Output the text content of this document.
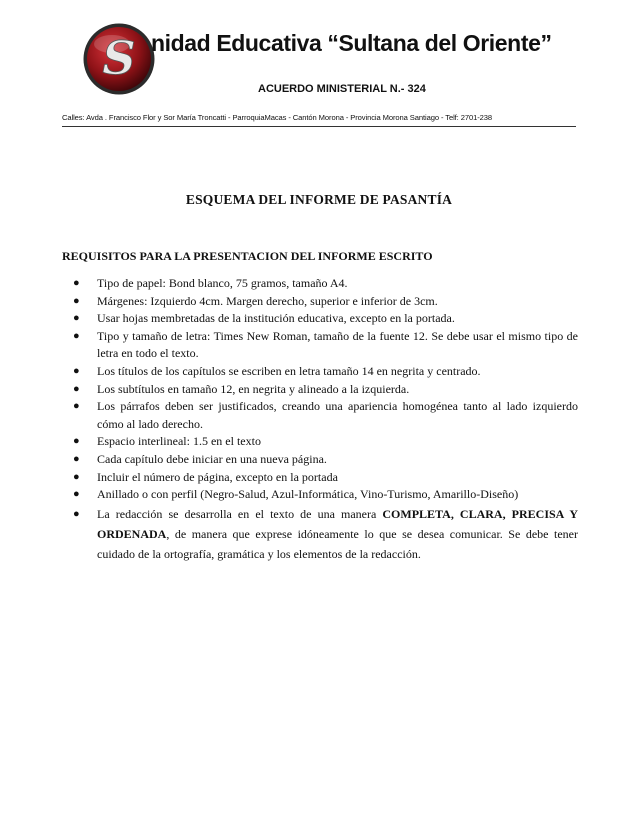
S nidad Educativa “Sultana del Oriente”
ACUERDO MINISTERIAL N.- 324
Calles: Avda . Francisco Flor y Sor María Troncatti - ParroquiaMacas - Cantón Morona - Provincia Morona Santiago - Telf: 2701-238
ESQUEMA DEL INFORME DE PASANTÍA
REQUISITOS PARA LA PRESENTACION DEL INFORME ESCRITO
● Tipo de papel: Bond blanco, 75 gramos, tamaño A4.
● Márgenes: Izquierdo 4cm. Margen derecho, superior e inferior de 3cm.
● Usar hojas membretadas de la institución educativa, excepto en la portada.
● Tipo y tamaño de letra: Times New Roman, tamaño de la fuente 12. Se debe usar el mismo tipo de letra en todo el texto.
● Los títulos de los capítulos se escriben en letra tamaño 14 en negrita y centrado.
● Los subtítulos en tamaño 12, en negrita y alineado a la izquierda.
● Los párrafos deben ser justificados, creando una apariencia homogénea tanto al lado izquierdo cómo al lado derecho.
● Espacio interlineal: 1.5 en el texto
● Cada capítulo debe iniciar en una nueva página.
● Incluir el número de página, excepto en la portada
● Anillado o con perfil (Negro-Salud, Azul-Informática, Vino-Turismo, Amarillo-Diseño)
● La redacción se desarrolla en el texto de una manera COMPLETA, CLARA, PRECISA Y ORDENADA, de manera que exprese idóneamente lo que se desea comunicar. Se debe tener cuidado de la ortografía, gramática y los elementos de la redacción.
